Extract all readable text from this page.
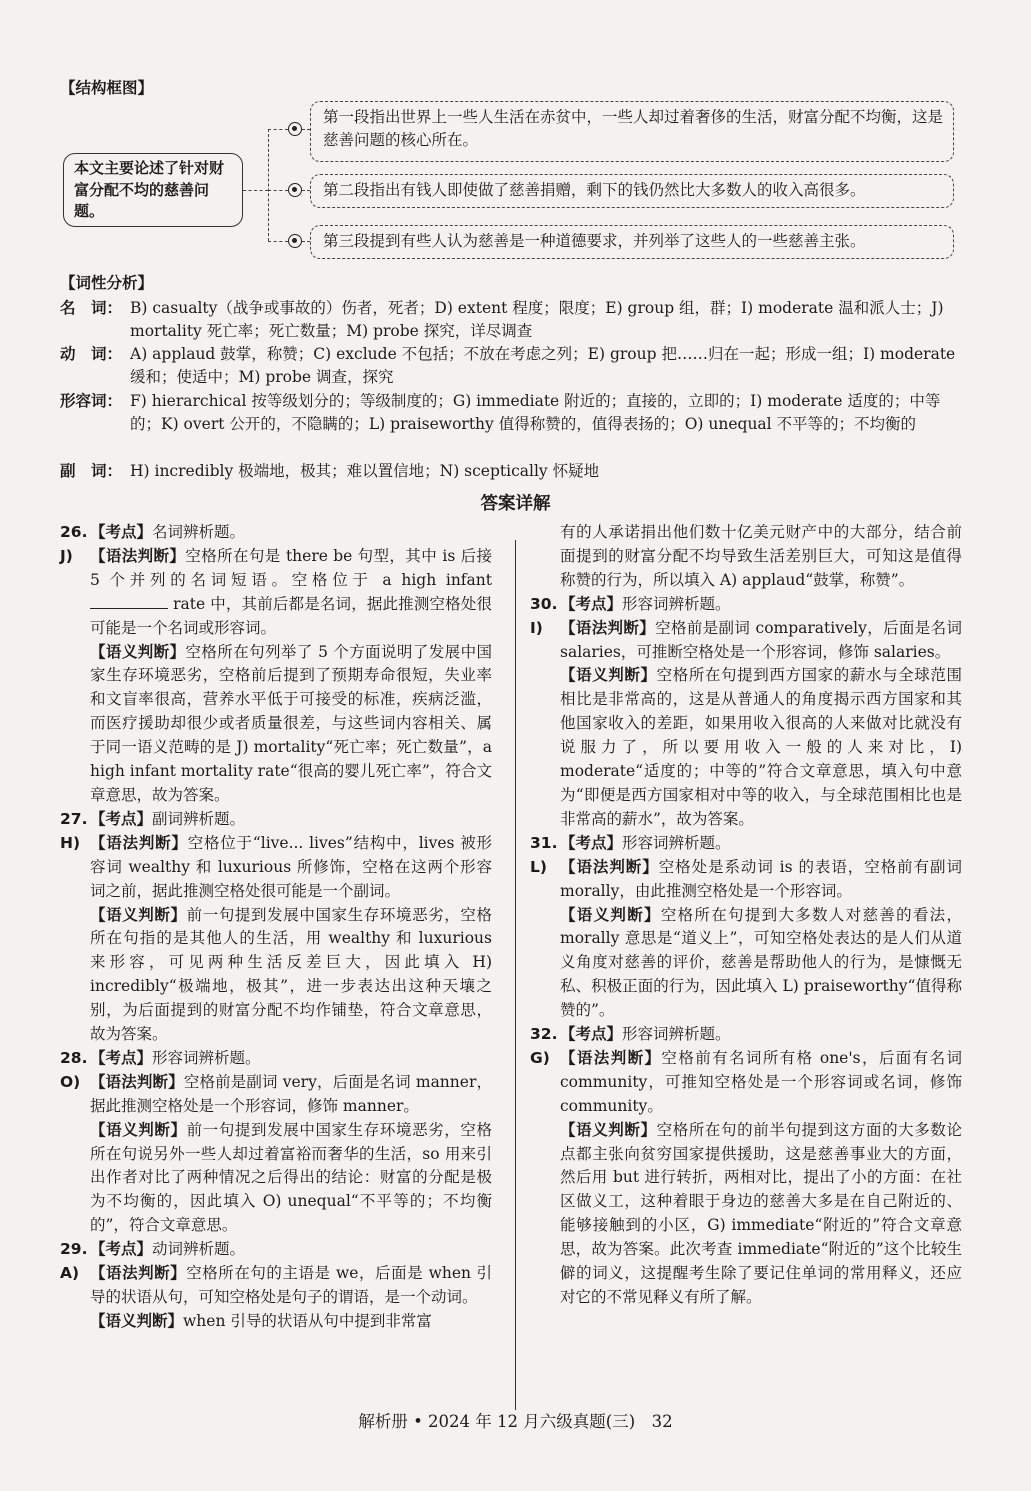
【结构框图】
本文主要论述了针对财富分配不均的慈善问题。
第一段指出世界上一些人生活在赤贫中，一些人却过着奢侈的生活，财富分配不均衡，这是慈善问题的核心所在。
第二段指出有钱人即使做了慈善捐赠，剩下的钱仍然比大多数人的收入高很多。
第三段提到有些人认为慈善是一种道德要求，并列举了这些人的一些慈善主张。
【词性分析】
名　词： B) casualty（战争或事故的）伤者，死者；D) extent 程度；限度；E) group 组，群；I) moderate 温和派人士；J) mortality 死亡率；死亡数量；M) probe 探究，详尽调查
动　词： A) applaud 鼓掌，称赞；C) exclude 不包括；不放在考虑之列；E) group 把……归在一起；形成一组；I) moderate 缓和；使适中；M) probe 调查，探究
形容词： F) hierarchical 按等级划分的；等级制度的；G) immediate 附近的；直接的，立即的；I) moderate 适度的；中等的；K) overt 公开的，不隐瞒的；L) praiseworthy 值得称赞的，值得表扬的；O) unequal 不平等的；不均衡的
副　词： H) incredibly 极端地，极其；难以置信地；N) sceptically 怀疑地
答案详解
26. 【考点】名词辨析题。
J)	【语法判断】空格所在句是 there be 句型，其中 is 后接 5 个并列的名词短语。空格位于 a high infant  rate 中，其前后都是名词，据此推测空格处很可能是一个名词或形容词。
【语义判断】空格所在句列举了 5 个方面说明了发展中国家生存环境恶劣，空格前后提到了预期寿命很短，失业率和文盲率很高，营养水平低于可接受的标准，疾病泛滥，而医疗援助却很少或者质量很差，与这些词内容相关、属于同一语义范畴的是 J) mortality“死亡率；死亡数量”，a high infant mortality rate“很高的婴儿死亡率”，符合文章意思，故为答案。
27. 【考点】副词辨析题。
H) 【语法判断】空格位于“live... lives”结构中，lives 被形容词 wealthy 和 luxurious 所修饰，空格在这两个形容词之前，据此推测空格处很可能是一个副词。
【语义判断】前一句提到发展中国家生存环境恶劣，空格所在句指的是其他人的生活，用 wealthy 和 luxurious 来形容，可见两种生活反差巨大，因此填入 H) incredibly“极端地，极其”，进一步表达出这种天壤之别，为后面提到的财富分配不均作铺垫，符合文章意思，故为答案。
28. 【考点】形容词辨析题。
O) 【语法判断】空格前是副词 very，后面是名词 manner，据此推测空格处是一个形容词，修饰 manner。
【语义判断】前一句提到发展中国家生存环境恶劣，空格所在句说另外一些人却过着富裕而奢华的生活，so 用来引出作者对比了两种情况之后得出的结论：财富的分配是极为不均衡的，因此填入 O) unequal“不平等的；不均衡的”，符合文章意思。
29. 【考点】动词辨析题。
A) 【语法判断】空格所在句的主语是 we，后面是 when 引导的状语从句，可知空格处是句子的谓语，是一个动词。
【语义判断】when 引导的状语从句中提到非常富
有的人承诺捐出他们数十亿美元财产中的大部分，结合前面提到的财富分配不均导致生活差别巨大，可知这是值得称赞的行为，所以填入 A) applaud“鼓掌，称赞”。
30. 【考点】形容词辨析题。
I)	【语法判断】空格前是副词 comparatively，后面是名词 salaries，可推断空格处是一个形容词，修饰 salaries。
【语义判断】空格所在句提到西方国家的薪水与全球范围相比是非常高的，这是从普通人的角度揭示西方国家和其他国家收入的差距，如果用收入很高的人来做对比就没有说服力了，所以要用收入一般的人来对比，I) moderate“适度的；中等的”符合文章意思，填入句中意为“即便是西方国家相对中等的收入，与全球范围相比也是非常高的薪水”，故为答案。
31. 【考点】形容词辨析题。
L) 【语法判断】空格处是系动词 is 的表语，空格前有副词 morally，由此推测空格处是一个形容词。
【语义判断】空格所在句提到大多数人对慈善的看法，morally 意思是“道义上”，可知空格处表达的是人们从道义角度对慈善的评价，慈善是帮助他人的行为，是慷慨无私、积极正面的行为，因此填入 L) praiseworthy“值得称赞的”。
32. 【考点】形容词辨析题。
G) 【语法判断】空格前有名词所有格 one's，后面有名词 community，可推知空格处是一个形容词或名词，修饰 community。
【语义判断】空格所在句的前半句提到这方面的大多数论点都主张向贫穷国家提供援助，这是慈善事业大的方面，然后用 but 进行转折，两相对比，提出了小的方面：在社区做义工，这种着眼于身边的慈善大多是在自己附近的、能够接触到的小区，G) immediate“附近的”符合文章意思，故为答案。此次考查 immediate“附近的”这个比较生僻的词义，这提醒考生除了要记住单词的常用释义，还应对它的不常见释义有所了解。
解析册 • 2024 年 12 月六级真题(三)　32
